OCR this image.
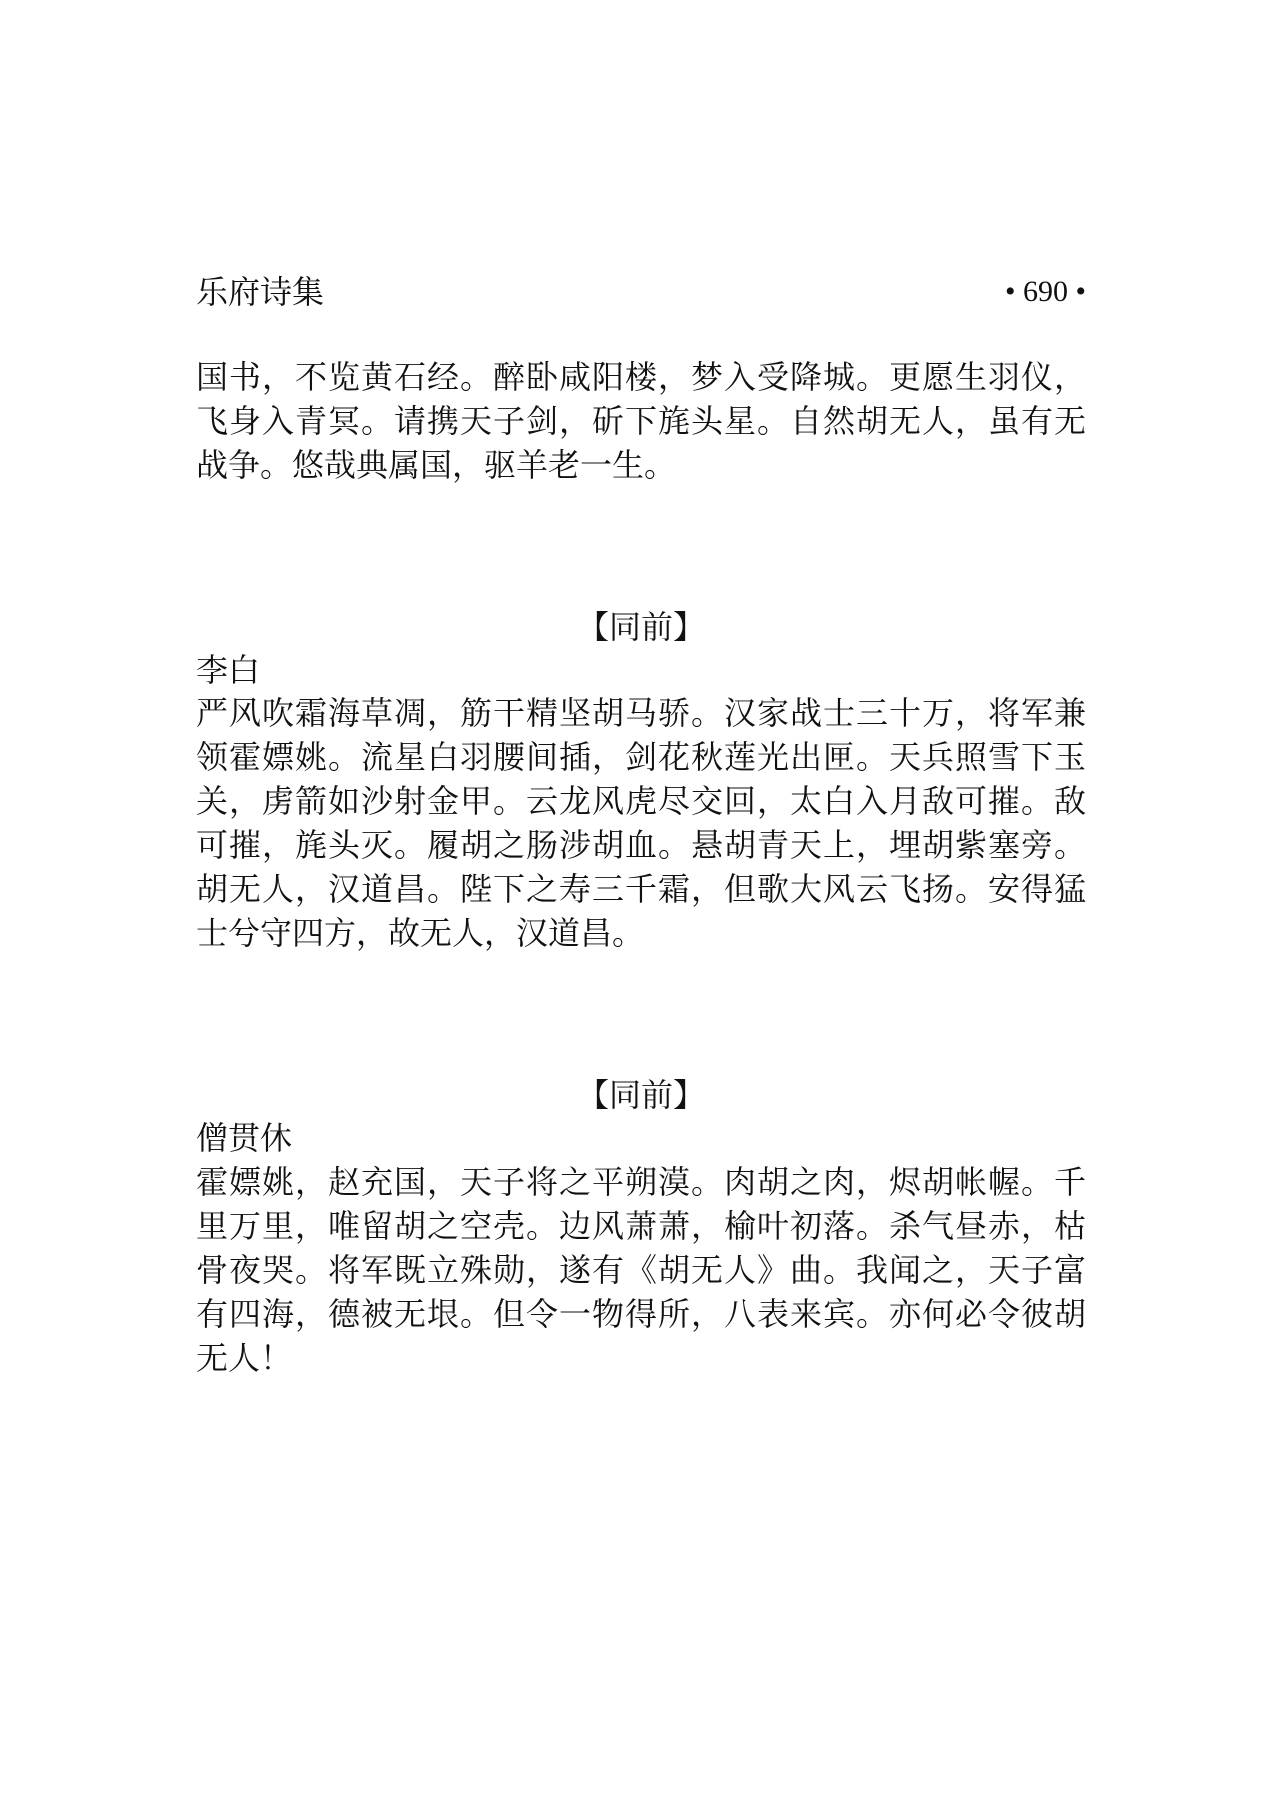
乐府诗集	• 690 •

国书，不览黄石经。醉卧咸阳楼，梦入受降城。更愿生羽仪，飞身入青冥。请携天子剑，斫下旄头星。自然胡无人，虽有无战争。悠哉典属国，驱羊老一生。

【同前】
李白

严风吹霜海草凋，筋干精坚胡马骄。汉家战士三十万，将军兼领霍嫖姚。流星白羽腰间插，剑花秋莲光出匣。天兵照雪下玉关，虏箭如沙射金甲。云龙风虎尽交回，太白入月敌可摧。敌可摧，旄头灭。履胡之肠涉胡血。悬胡青天上，埋胡紫塞旁。胡无人，汉道昌。陛下之寿三千霜，但歌大风云飞扬。安得猛士兮守四方，故无人，汉道昌。

【同前】
僧贯休

霍嫖姚，赵充国，天子将之平朔漠。肉胡之肉，烬胡帐幄。千里万里，唯留胡之空壳。边风萧萧，榆叶初落。杀气昼赤，枯骨夜哭。将军既立殊勋，遂有《胡无人》曲。我闻之，天子富有四海，德被无垠。但令一物得所，八表来宾。亦何必令彼胡无人！
